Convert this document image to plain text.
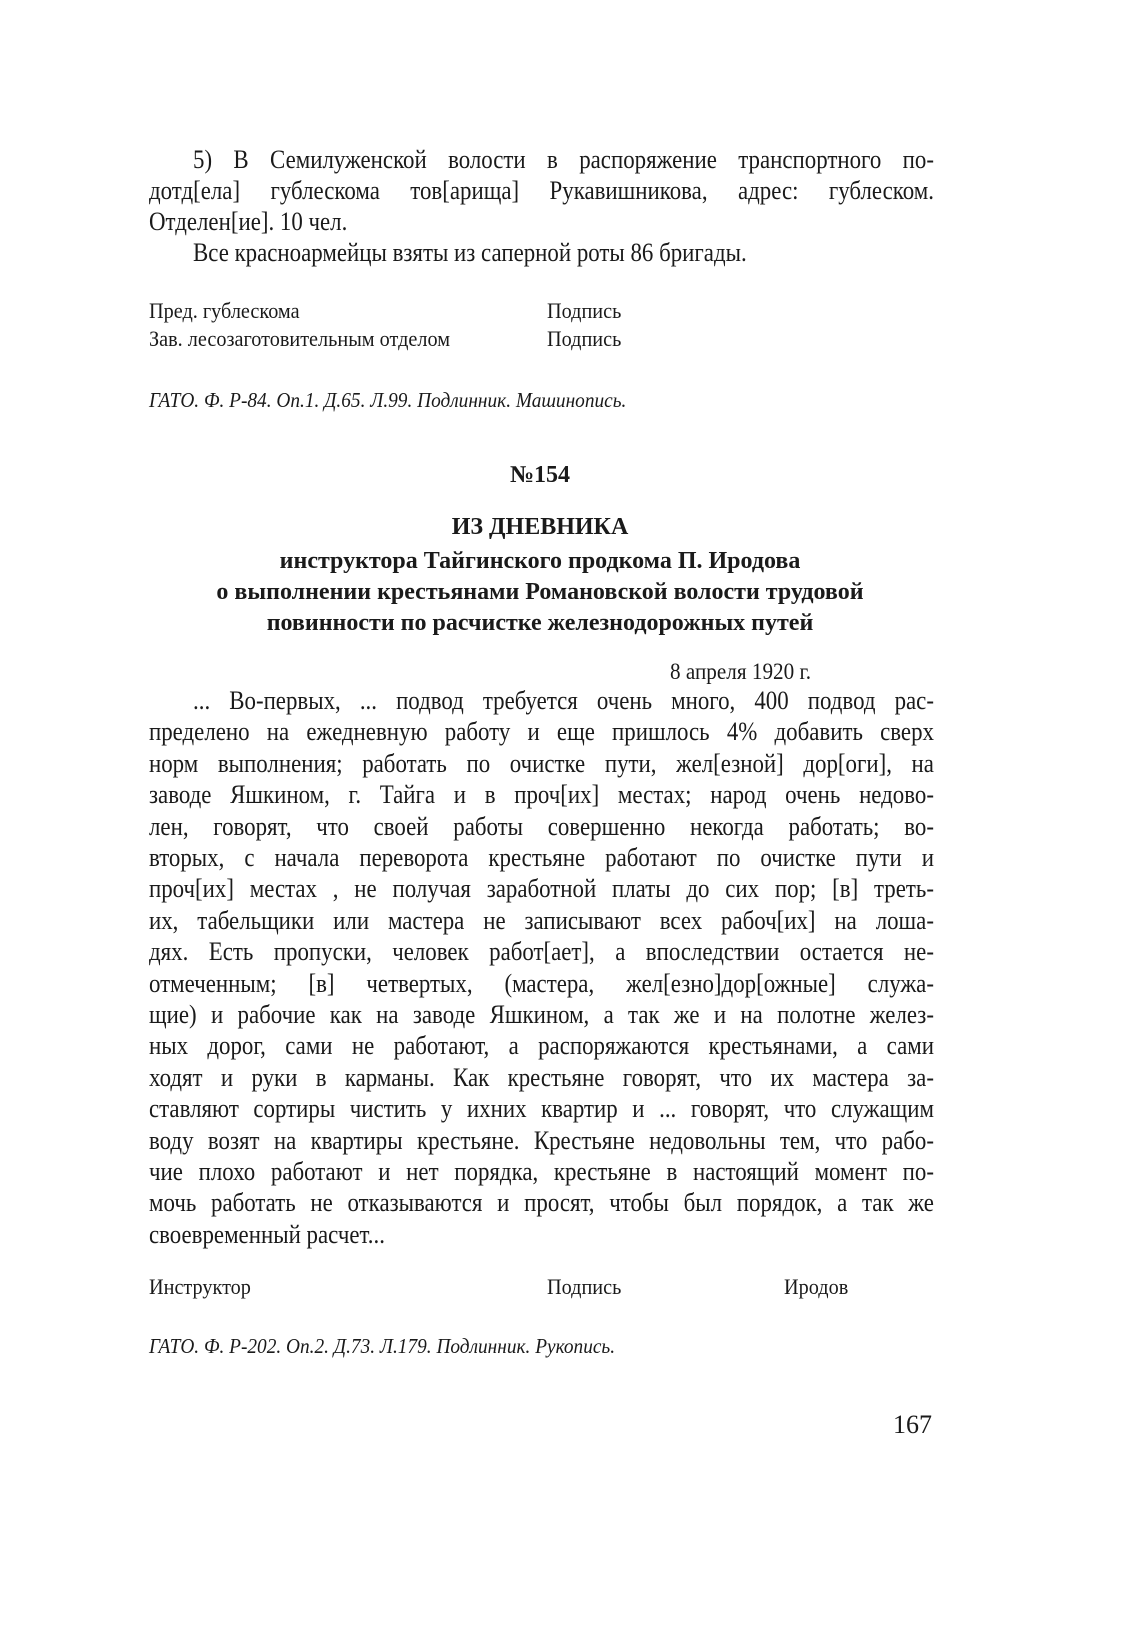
5) В Семилуженской волости в распоряжение транспортного по-
дотд[ела] гублескома тов[арища] Рукавишникова, адрес: гублеском.
Отделен[ие]. 10 чел.
Все красноармейцы взяты из саперной роты 86 бригады.
Пред. гублескома	Подпись
Зав. лесозаготовительным отделом	Подпись
ГАТО. Ф. Р-84. Оп.1. Д.65. Л.99. Подлинник. Машинопись.
№154
ИЗ ДНЕВНИКА
инструктора Тайгинского продкома П. Иродова
о выполнении крестьянами Романовской волости трудовой
повинности по расчистке железнодорожных путей
8 апреля 1920 г.
... Во-первых, ... подвод требуется очень много, 400 подвод рас-
пределено на ежедневную работу и еще пришлось 4% добавить сверх
норм выполнения; работать по очистке пути, жел[езной] дор[оги], на
заводе Яшкином, г. Тайга и в проч[их] местах; народ очень недово-
лен, говорят, что своей работы совершенно некогда работать; во-
вторых, с начала переворота крестьяне работают по очистке пути и
проч[их] местах , не получая заработной платы до сих пор; [в] треть-
их, табельщики или мастера не записывают всех рабоч[их] на лоша-
дях. Есть пропуски, человек работ[ает], а впоследствии остается не-
отмеченным; [в] четвертых, (мастера, жел[езно]дор[ожные] служа-
щие) и рабочие как на заводе Яшкином, а так же и на полотне желез-
ных дорог, сами не работают, а распоряжаются крестьянами, а сами
ходят и руки в карманы. Как крестьяне говорят, что их мастера за-
ставляют сортиры чистить у ихних квартир и ... говорят, что служащим
воду возят на квартиры крестьяне. Крестьяне недовольны тем, что рабо-
чие плохо работают и нет порядка, крестьяне в настоящий момент по-
мочь работать не отказываются и просят, чтобы был порядок, а так же
своевременный расчет...
Инструктор	Подпись	Иродов
ГАТО. Ф. Р-202. Оп.2. Д.73. Л.179. Подлинник. Рукопись.
167
